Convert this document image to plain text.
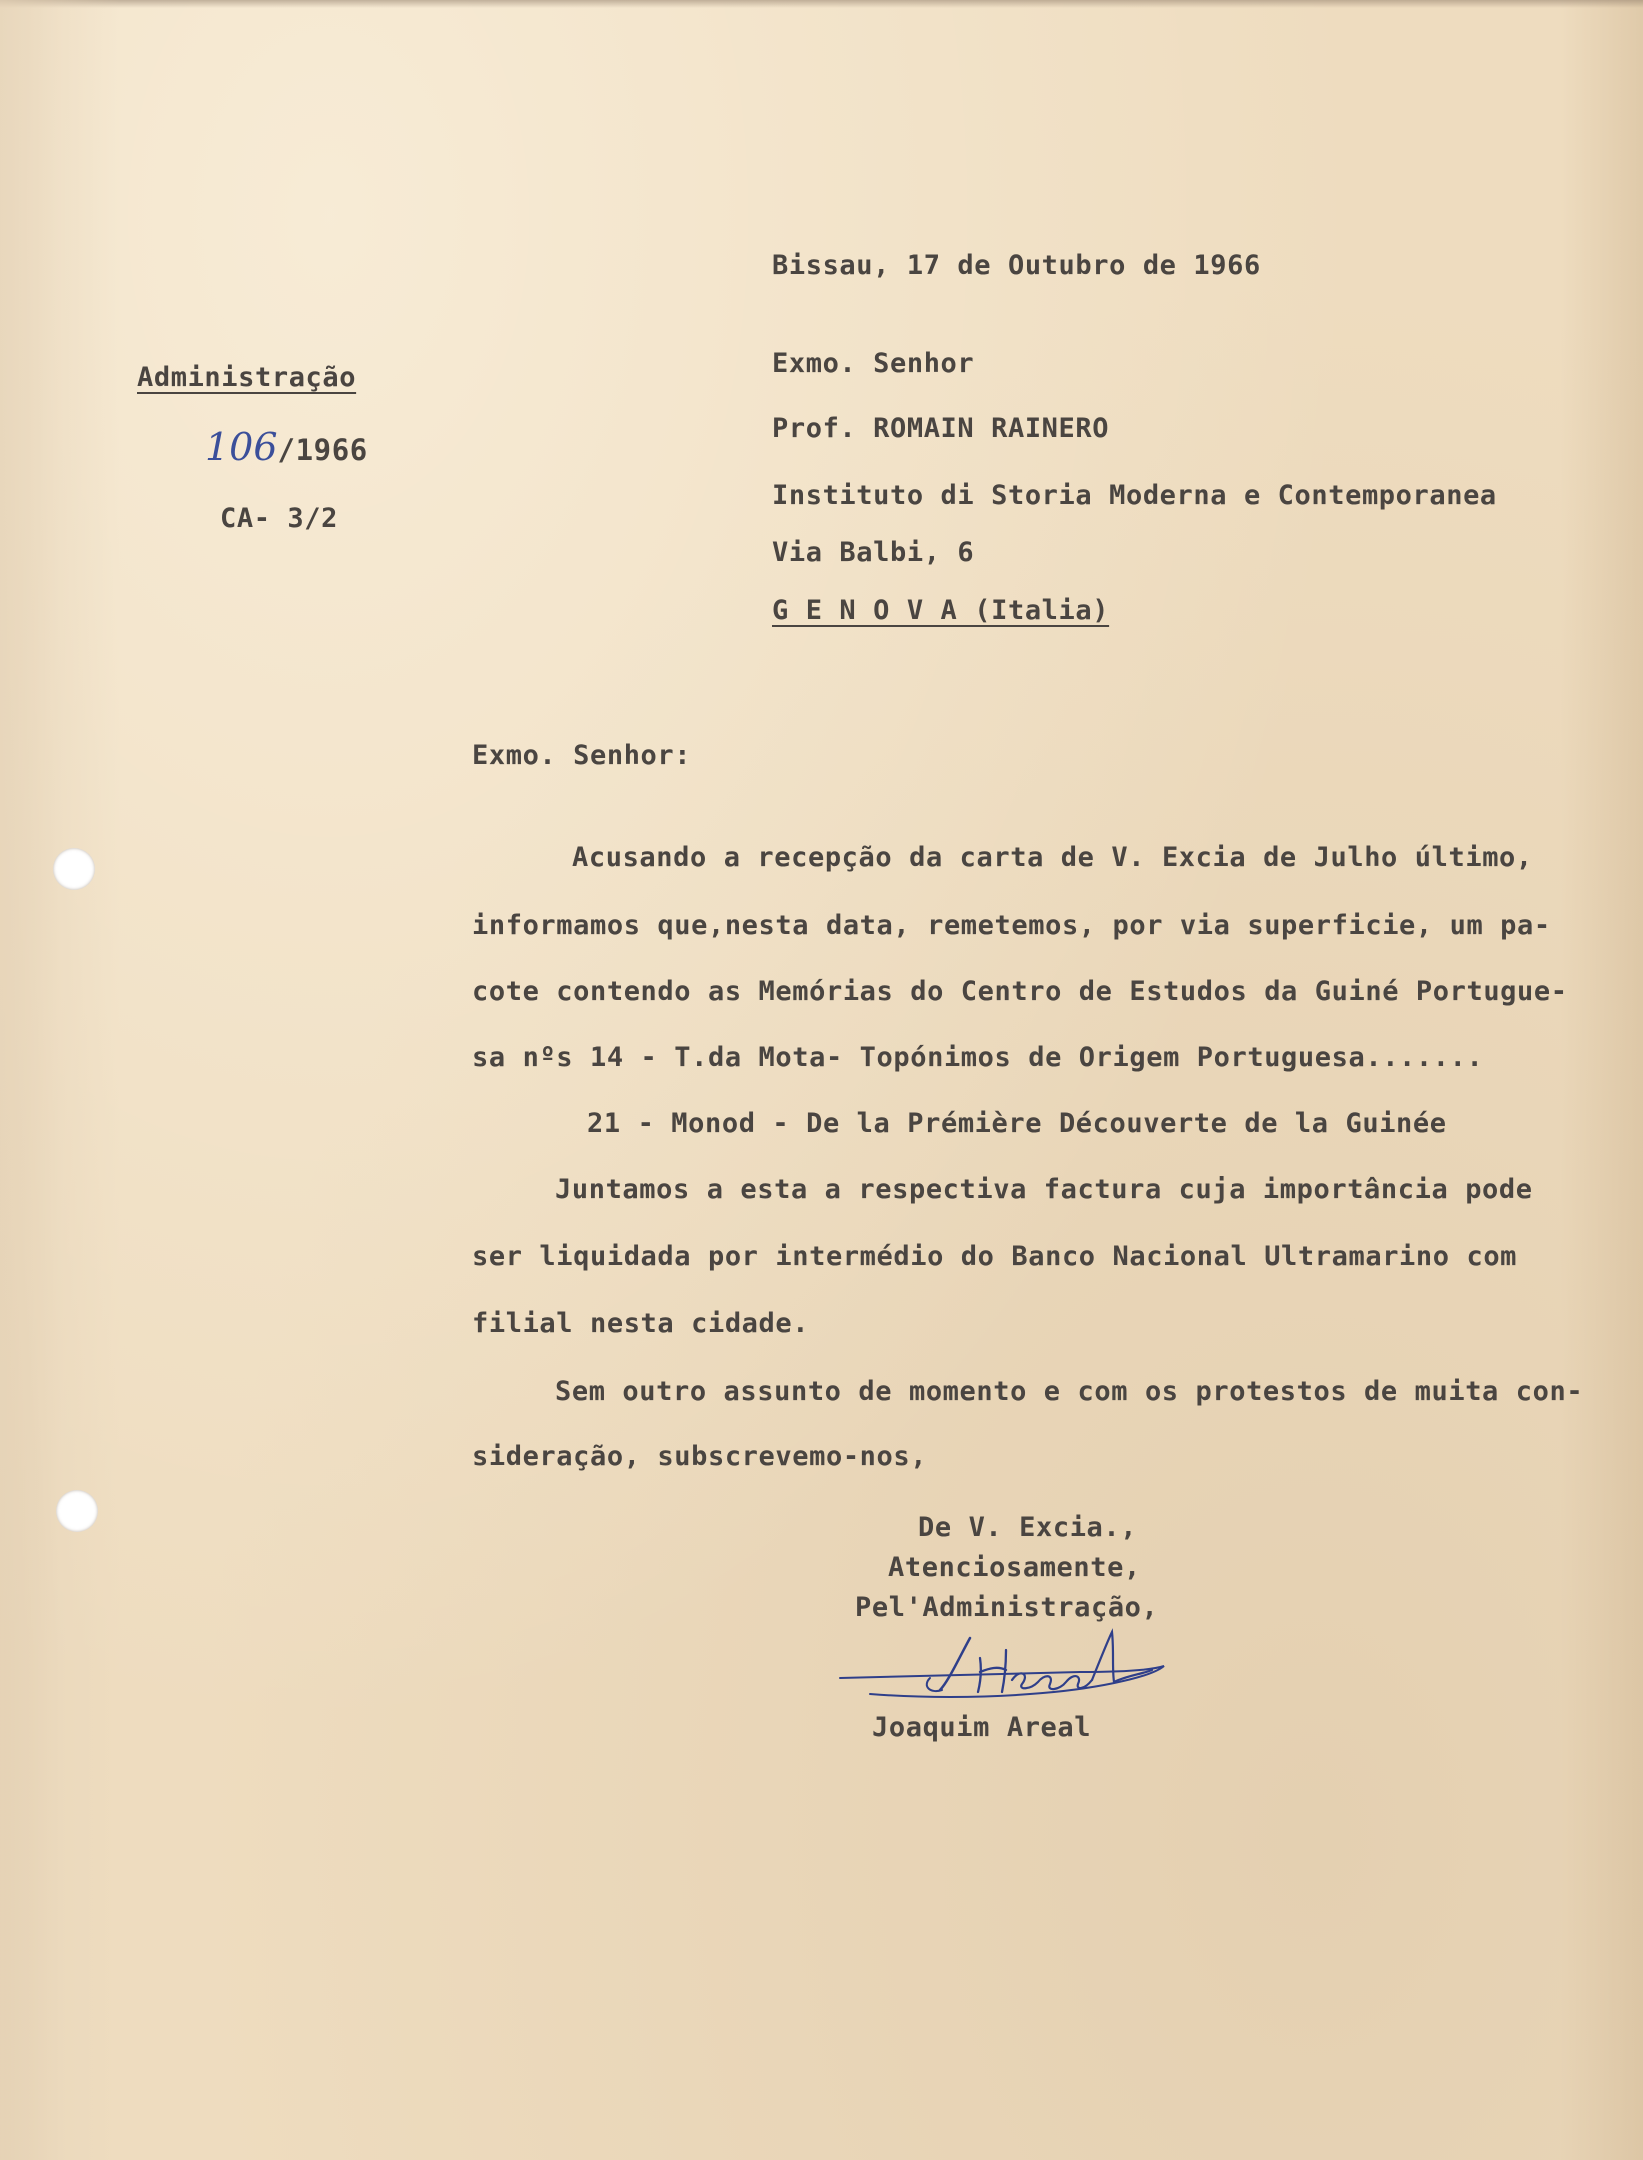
Bissau, 17 de Outubro de 1966
Administração
106/1966
CA- 3/2
Exmo. Senhor
Prof. ROMAIN RAINERO
Instituto di Storia Moderna e Contemporanea
Via Balbi, 6
G E N O V A (Italia)
Exmo. Senhor:
Acusando a recepção da carta de V. Excia de Julho último,
informamos que,nesta data, remetemos, por via superficie, um pa-
cote contendo as Memórias do Centro de Estudos da Guiné Portugue-
sa nºs 14 - T.da Mota- Topónimos de Origem Portuguesa.......
21 - Monod - De la Prémière Découverte de la Guinée
Juntamos a esta a respectiva factura cuja importância pode
ser liquidada por intermédio do Banco Nacional Ultramarino com
filial nesta cidade.
Sem outro assunto de momento e com os protestos de muita con-
sideração, subscrevemo-nos,
De V. Excia.,
Atenciosamente,
Pel'Administração,
Joaquim Areal
